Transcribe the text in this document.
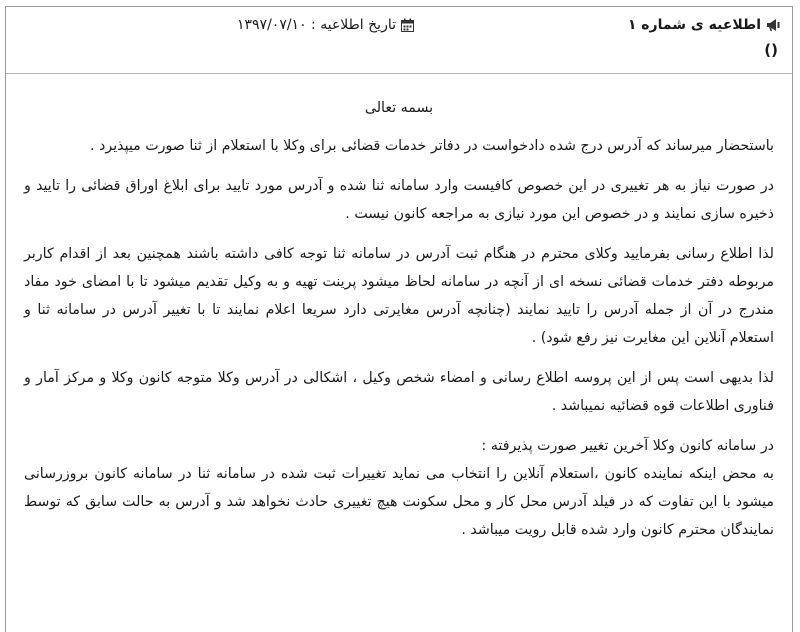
اطلاعیه ی شماره ۱
تاریخ اطلاعیه : ۱۳۹۷/۰۷/۱۰
()
بسمه تعالی

باستحضار میرساند که آدرس درج شده دادخواست در دفاتر خدمات قضائی برای وکلا با استعلام از ثنا صورت میپذیرد .

در صورت نیاز به هر تغییری در این خصوص کافیست وارد سامانه ثنا شده و آدرس مورد تایید برای ابلاغ اوراق قضائی را تایید و ذخیره سازی نمایند و در خصوص این مورد نیازی به مراجعه کانون نیست .

لذا اطلاع رسانی بفرمایید وکلای محترم در هنگام ثبت آدرس در سامانه ثنا توجه کافی داشته باشند همچنین بعد از اقدام کاربر مربوطه دفتر خدمات قضائی نسخه ای از آنچه در سامانه لحاظ میشود پرینت تهیه و به وکیل تقدیم میشود تا با امضای خود مفاد مندرج در آن از جمله آدرس را تایید نمایند (چنانچه آدرس مغایرتی دارد سریعا اعلام نمایند تا با تغییر آدرس در سامانه ثنا و استعلام آنلاین این مغایرت نیز رفع شود) .

لذا بدیهی است پس از این پروسه اطلاع رسانی و امضاء شخص وکیل ، اشکالی در آدرس وکلا متوجه کانون وکلا و مرکز آمار و فناوری اطلاعات قوه قضائیه نمیباشد .

در سامانه کانون وکلا آخرین تغییر صورت پذیرفته :

به محض اینکه نماینده کانون ،استعلام آنلاین را انتخاب می نماید تغییرات ثبت شده در سامانه ثنا در سامانه کانون بروزرسانی میشود با این تفاوت که در فیلد آدرس محل کار و محل سکونت هیچ تغییری حادث نخواهد شد و آدرس به حالت سابق که توسط نمایندگان محترم کانون وارد شده قابل رویت میباشد .
